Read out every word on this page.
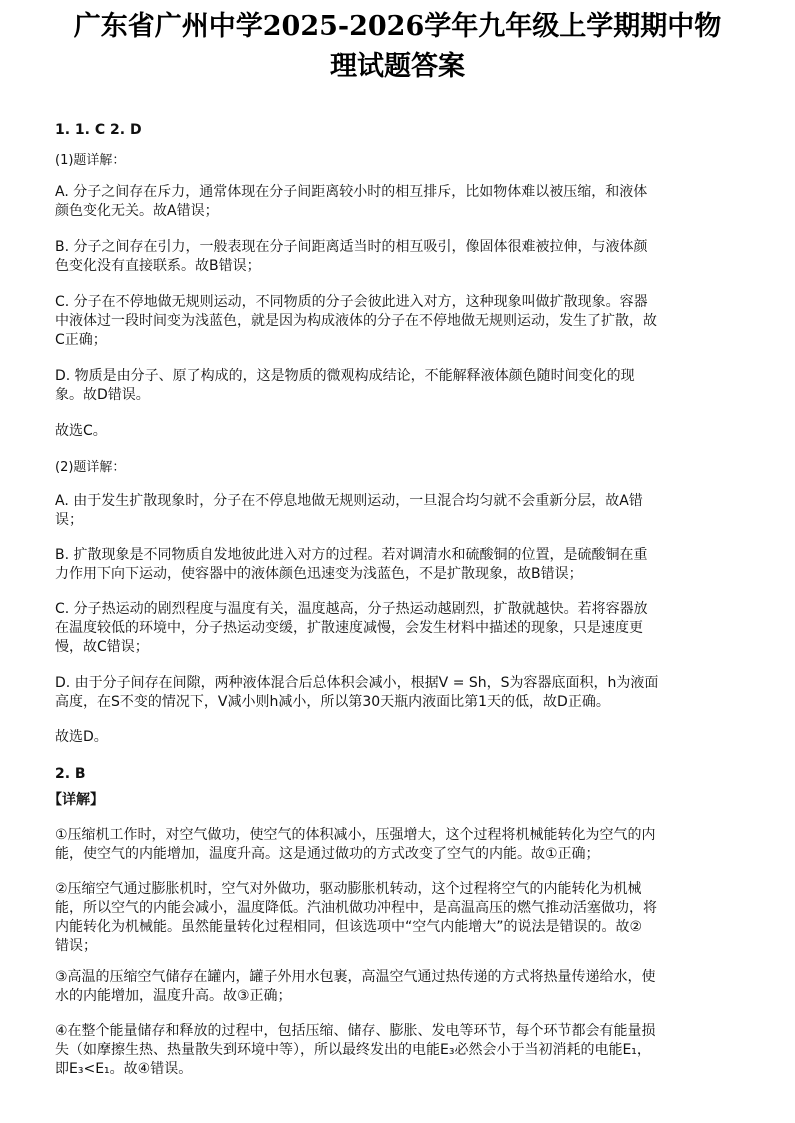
广东省广州中学2025-2026学年九年级上学期期中物
理试题答案
1. 1. C 2. D
(1)题详解：
A. 分子之间存在斥力，通常体现在分子间距离较小时的相互排斥，比如物体难以被压缩，和液体
颜色变化无关。故A错误；
B. 分子之间存在引力，一般表现在分子间距离适当时的相互吸引，像固体很难被拉伸，与液体颜
色变化没有直接联系。故B错误；
C. 分子在不停地做无规则运动，不同物质的分子会彼此进入对方，这种现象叫做扩散现象。容器
中液体过一段时间变为浅蓝色，就是因为构成液体的分子在不停地做无规则运动，发生了扩散，故
C正确；
D. 物质是由分子、原了构成的，这是物质的微观构成结论，不能解释液体颜色随时间变化的现
象。故D错误。
故选C。
(2)题详解：
A. 由于发生扩散现象时，分子在不停息地做无规则运动，一旦混合均匀就不会重新分层，故A错
误；
B. 扩散现象是不同物质自发地彼此进入对方的过程。若对调清水和硫酸铜的位置，是硫酸铜在重
力作用下向下运动，使容器中的液体颜色迅速变为浅蓝色，不是扩散现象，故B错误；
C. 分子热运动的剧烈程度与温度有关，温度越高，分子热运动越剧烈，扩散就越快。若将容器放
在温度较低的环境中，分子热运动变缓，扩散速度减慢，会发生材料中描述的现象，只是速度更
慢，故C错误；
D. 由于分子间存在间隙，两种液体混合后总体积会减小，根据V = Sh，S为容器底面积，h为液面
高度，在S不变的情况下，V减小则h减小，所以第30天瓶内液面比第1天的低，故D正确。
故选D。
2. B
【详解】
①压缩机工作时，对空气做功，使空气的体积减小，压强增大，这个过程将机械能转化为空气的内
能，使空气的内能增加，温度升高。这是通过做功的方式改变了空气的内能。故①正确；
②压缩空气通过膨胀机时，空气对外做功，驱动膨胀机转动，这个过程将空气的内能转化为机械
能，所以空气的内能会减小，温度降低。汽油机做功冲程中，是高温高压的燃气推动活塞做功，将
内能转化为机械能。虽然能量转化过程相同，但该选项中“空气内能增大”的说法是错误的。故②
错误；
③高温的压缩空气储存在罐内，罐子外用水包裹，高温空气通过热传递的方式将热量传递给水，使
水的内能增加，温度升高。故③正确；
④在整个能量储存和释放的过程中，包括压缩、储存、膨胀、发电等环节，每个环节都会有能量损
失（如摩擦生热、热量散失到环境中等），所以最终发出的电能E₃必然会小于当初消耗的电能E₁，
即E₃<E₁。故④错误。
